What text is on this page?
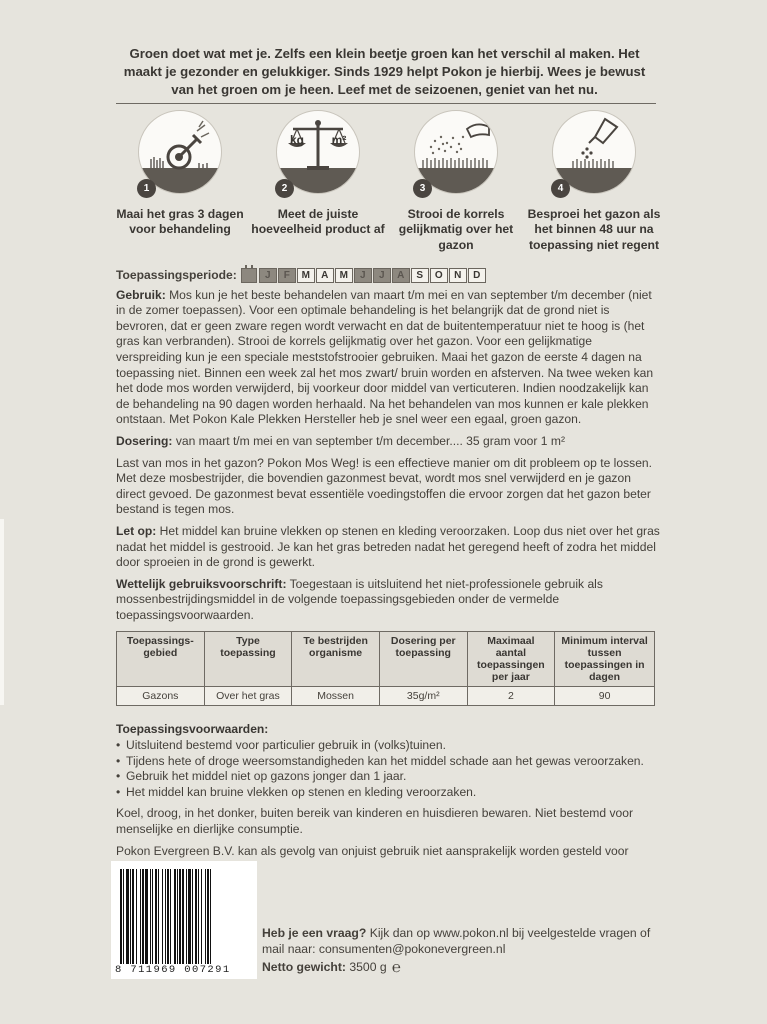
Groen doet wat met je. Zelfs een klein beetje groen kan het verschil al maken. Het maakt je gezonder en gelukkiger. Sinds 1929 helpt Pokon je hierbij. Wees je bewust van het groen om je heen. Leef met de seizoenen, geniet van het nu.
1
Maai het gras 3 dagen voor behandeling
kg	m²
2
Meet de juiste hoeveelheid product af
3
Strooi de korrels gelijkmatig over het gazon
4
Besproei het gazon als het binnen 48 uur na toepassing niet regent
Toepassingsperiode:	J	F	M	A	M	J	J	A	S	O	N	D

Gebruik: Mos kun je het beste behandelen van maart t/m mei en van september t/m december (niet in de zomer toepassen). Voor een optimale behandeling is het belangrijk dat de grond niet is bevroren, dat er geen zware regen wordt verwacht en dat de buitentemperatuur niet te hoog is (het gras kan verbranden). Strooi de korrels gelijkmatig over het gazon. Voor een gelijkmatige verspreiding kun je een speciale meststofstrooier gebruiken. Maai het gazon de eerste 4 dagen na toepassing niet. Binnen een week zal het mos zwart/ bruin worden en afsterven. Na twee weken kan het dode mos worden verwijderd, bij voorkeur door middel van verticuteren. Indien noodzakelijk kan de behandeling na 90 dagen worden herhaald. Na het behandelen van mos kunnen er kale plekken ontstaan. Met Pokon Kale Plekken Hersteller heb je snel weer een egaal, groen gazon.

Dosering: van maart t/m mei en van september t/m december.... 35 gram voor 1 m²

Last van mos in het gazon? Pokon Mos Weg! is een effectieve manier om dit probleem op te lossen. Met deze mosbestrijder, die bovendien gazonmest bevat, wordt mos snel verwijderd en je gazon direct gevoed. De gazonmest bevat essentiële voedingstoffen die ervoor zorgen dat het gazon beter bestand is tegen mos.

Let op: Het middel kan bruine vlekken op stenen en kleding veroorzaken. Loop dus niet over het gras nadat het middel is gestrooid. Je kan het gras betreden nadat het geregend heeft of zodra het middel door sproeien in de grond is gewerkt.

Wettelijk gebruiksvoorschrift: Toegestaan is uitsluitend het niet-professionele gebruik als mossenbestrijdingsmiddel in de volgende toepassingsgebieden onder de vermelde toepassingsvoorwaarden.

Toepassings-gebied	Type toepassing	Te bestrijden organisme	Dosering per toepassing	Maximaal aantal toepassingen per jaar	Minimum interval tussen toepassingen in dagen
Gazons	Over het gras	Mossen	35g/m²	2	90
Toepassingsvoorwaarden:
• Uitsluitend bestemd voor particulier gebruik in (volks)tuinen.
• Tijdens hete of droge weersomstandigheden kan het middel schade aan het gewas veroorzaken.
• Gebruik het middel niet op gazons jonger dan 1 jaar.
• Het middel kan bruine vlekken op stenen en kleding veroorzaken.

Koel, droog, in het donker, buiten bereik van kinderen en huisdieren bewaren. Niet bestemd voor menselijke en dierlijke consumptie.

Pokon Evergreen B.V. kan als gevolg van onjuist gebruik niet aansprakelijk worden gesteld voor

8 711969 007291
Heb je een vraag? Kijk dan op www.pokon.nl bij veelgestelde vragen of mail naar: consumenten@pokonevergreen.nl
Netto gewicht: 3500 g ℮
